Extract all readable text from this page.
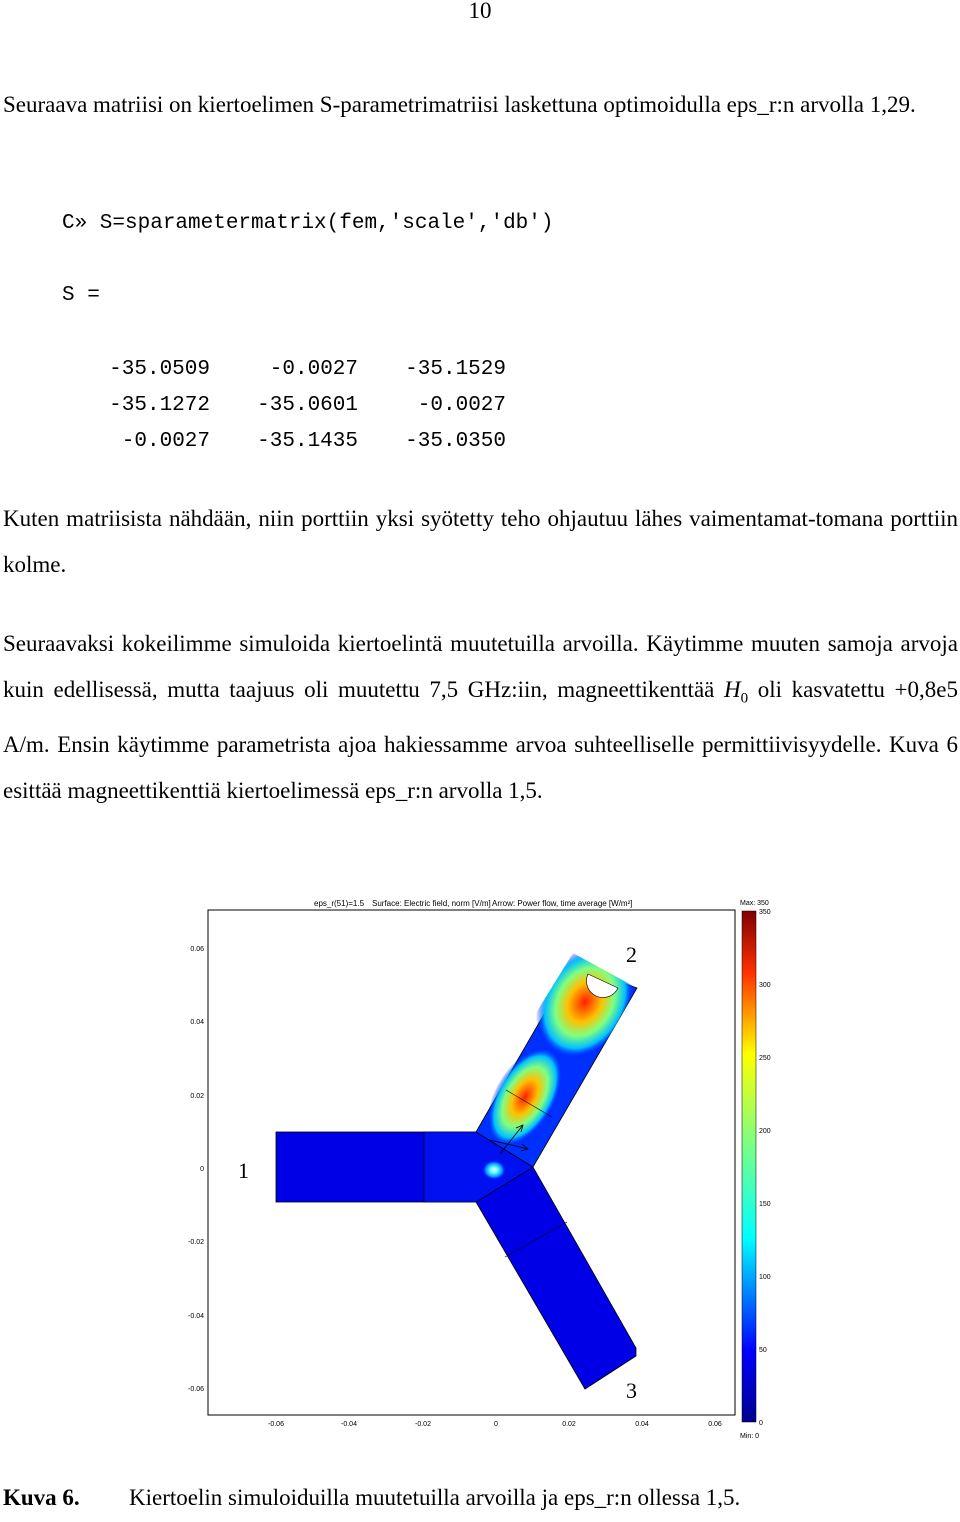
10

Seuraava matriisi on kiertoelimen S-parametrimatriisi laskettuna optimoidulla eps_r:n arvolla 1,29.

C» S=sparametermatrix(fem,'scale','db')
S =
-35.0509	-0.0027	-35.1529
-35.1272	-35.0601	-0.0027
-0.0027	-35.1435	-35.0350

Kuten matriisista nähdään, niin porttiin yksi syötetty teho ohjautuu lähes vaimentamat-tomana porttiin kolme.

Seuraavaksi kokeilimme simuloida kiertoelintä muutetuilla arvoilla. Käytimme muuten samoja arvoja kuin edellisessä, mutta taajuus oli muutettu 7,5 GHz:iin, magneettikenttää $H_0$ oli kasvatettu +0,8e5 A/m. Ensin käytimme parametrista ajoa hakiessamme arvoa suhteelliselle permittiivisyydelle. Kuva 6 esittää magneettikenttiä kiertoelimessä eps_r:n arvolla 1,5.

eps_r(51)=1.5 Surface: Electric field, norm [V/m] Arrow: Power flow, time average [W/m²]
0.06
0.04
0.02
0
-0.02
-0.04
-0.06
-0.06	-0.04	-0.02	0	0.02	0.04	0.06
1
2
3
Max: 350
350
300
250
200
150
100
50
0
Min: 0
Kuva 6. Kiertoelin simuloiduilla muutetuilla arvoilla ja eps_r:n ollessa 1,5.
